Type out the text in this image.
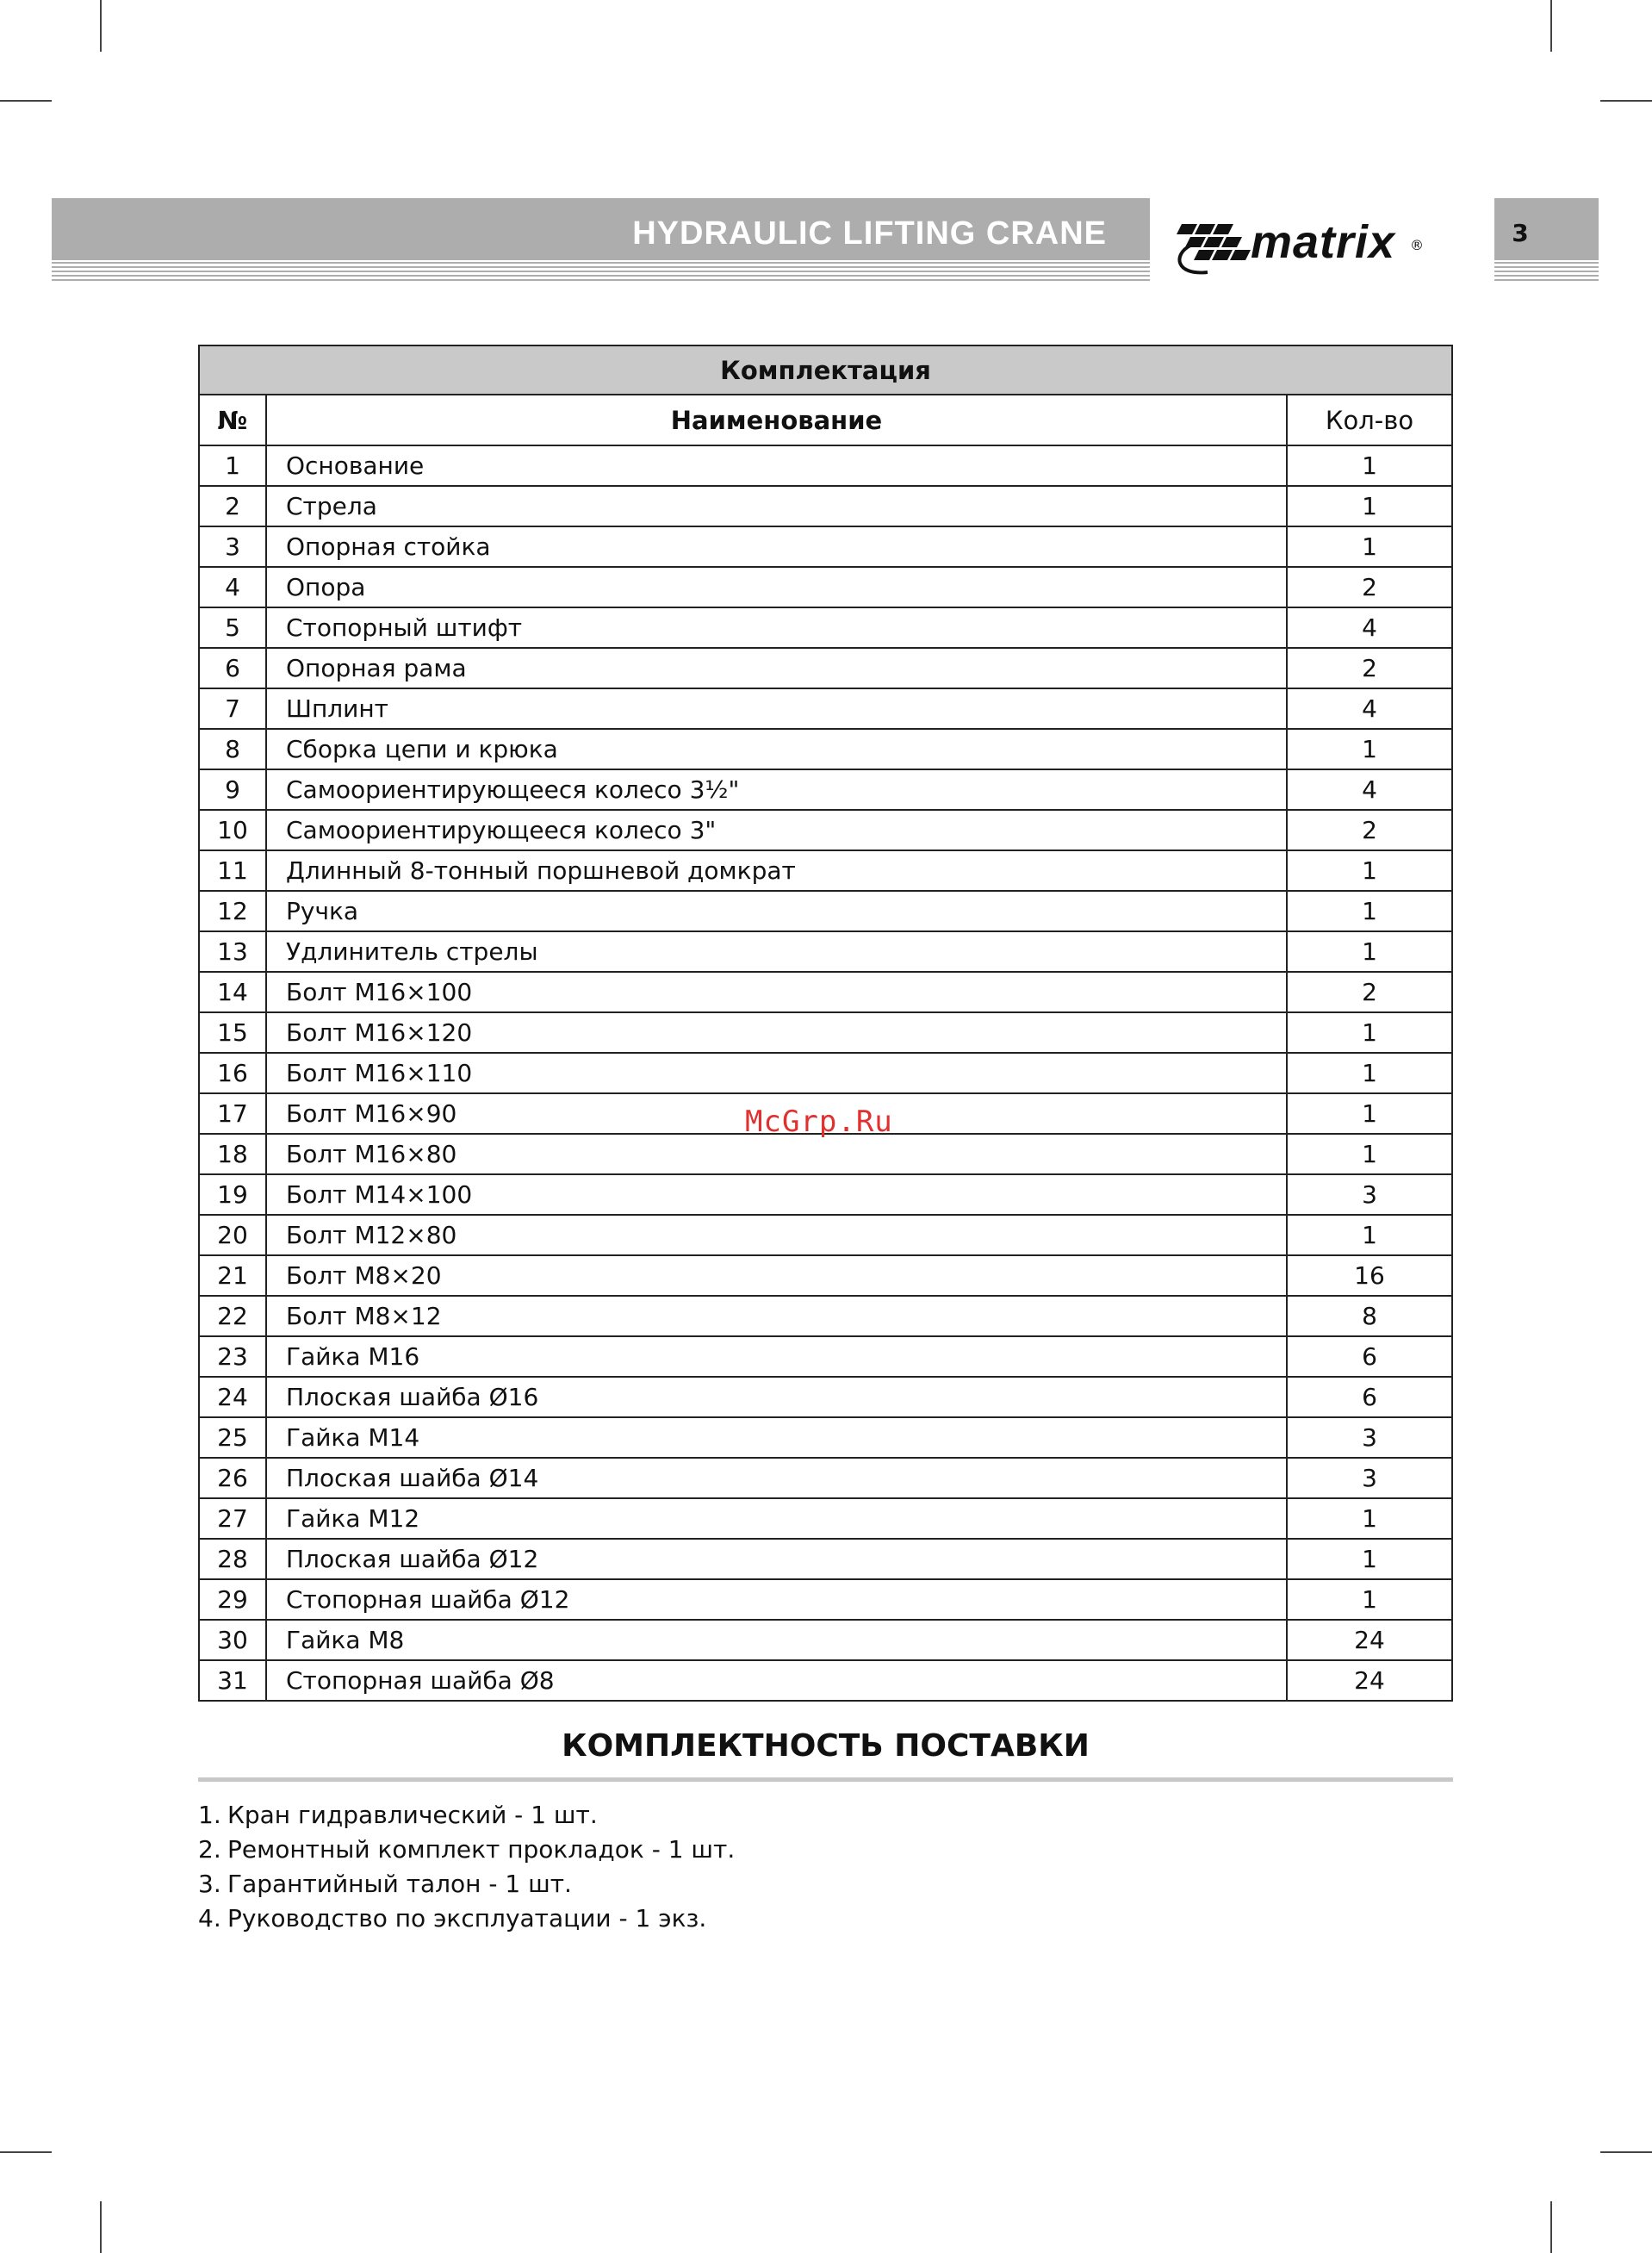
HYDRAULIC LIFTING CRANE	matrix ®	3
Комплектация		
№	Наименование	Кол-во
1	Основание	1
2	Стрела	1
3	Опорная стойка	1
4	Опора	2
5	Стопорный штифт	4
6	Опорная рама	2
7	Шплинт	4
8	Сборка цепи и крюка	1
9	Самоориентирующееся колесо 3½"	4
10	Самоориентирующееся колесо 3"	2
11	Длинный 8-тонный поршневой домкрат	1
12	Ручка	1
13	Удлинитель стрелы	1
14	Болт М16×100	2
15	Болт М16×120	1
16	Болт М16×110	1
17	Болт М16×90	1
18	Болт М16×80	1
19	Болт М14×100	3
20	Болт М12×80	1
21	Болт М8×20	16
22	Болт М8×12	8
23	Гайка М16	6
24	Плоская шайба Ø16	6
25	Гайка М14	3
26	Плоская шайба Ø14	3
27	Гайка М12	1
28	Плоская шайба Ø12	1
29	Стопорная шайба Ø12	1
30	Гайка М8	24
31	Стопорная шайба Ø8	24
McGrp.Ru
КОМПЛЕКТНОСТЬ ПОСТАВКИ
1. Кран гидравлический - 1 шт.
2. Ремонтный комплект прокладок - 1 шт.
3. Гарантийный талон - 1 шт.
4. Руководство по эксплуатации - 1 экз.
